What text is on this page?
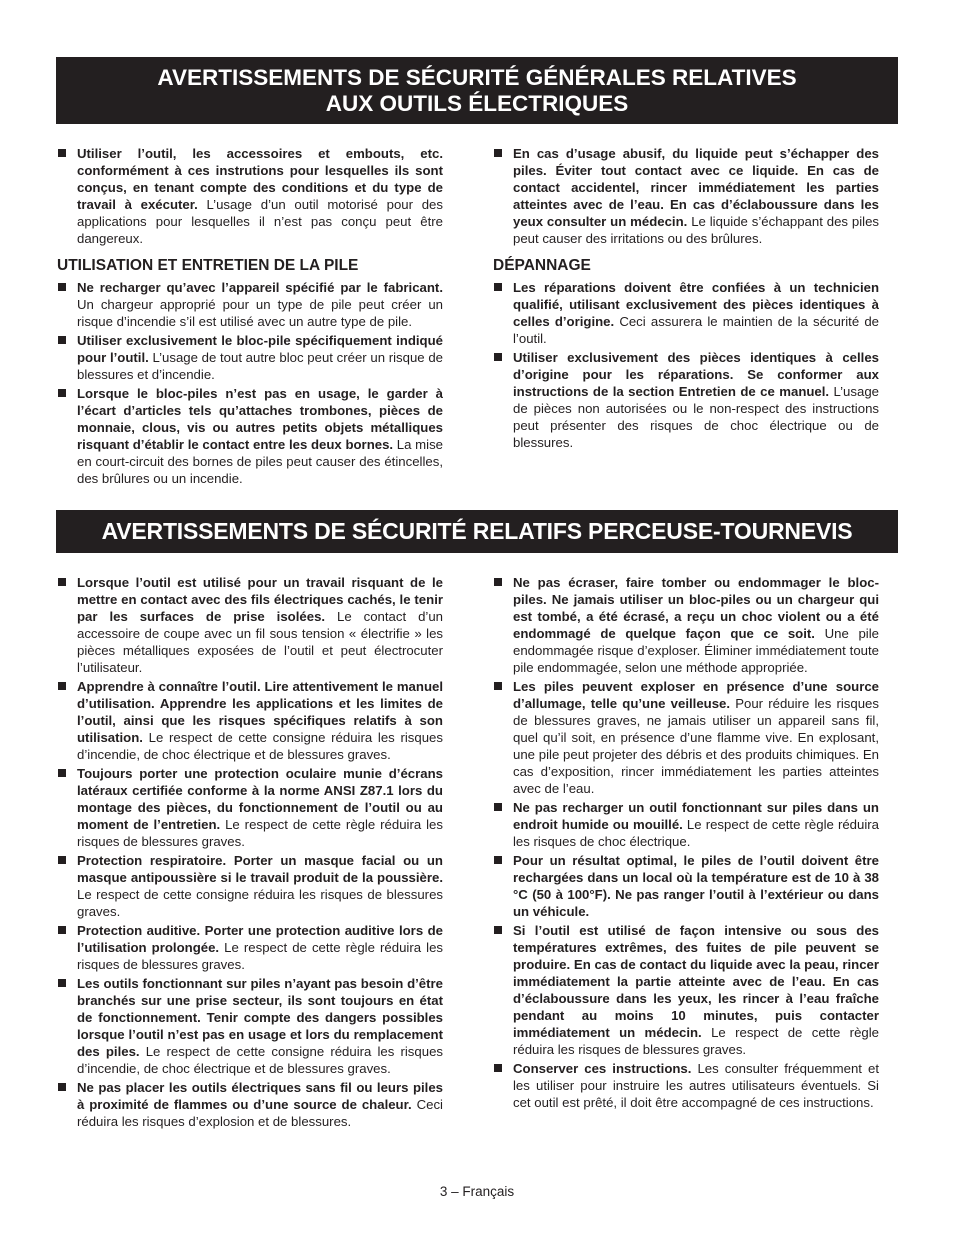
AVERTISSEMENTS DE SÉCURITÉ GÉNÉRALES RELATIVES
AUX OUTILS ÉLECTRIQUES
Utiliser l’outil, les accessoires et embouts, etc. conformément à ces instrutions pour lesquelles ils sont conçus, en tenant compte des conditions et du type de travail à exécuter. L’usage d’un outil motorisé pour des applications pour lesquelles il n’est pas conçu peut être dangereux.
UTILISATION ET ENTRETIEN DE LA PILE
Ne recharger qu’avec l’appareil spécifié par le fabricant. Un chargeur approprié pour un type de pile peut créer un risque d’incendie s’il est utilisé avec un autre type de pile.
Utiliser exclusivement le bloc-pile spécifiquement indiqué pour l’outil. L’usage de tout autre bloc peut créer un risque de blessures et d’incendie.
Lorsque le bloc-piles n’est pas en usage, le garder à l’écart d’articles tels qu’attaches trombones, pièces de monnaie, clous, vis ou autres petits objets métalliques risquant d’établir le contact entre les deux bornes. La mise en court-circuit des bornes de piles peut causer des étincelles, des brûlures ou un incendie.
En cas d’usage abusif, du liquide peut s’échapper des piles. Éviter tout contact avec ce liquide. En cas de contact accidentel, rincer immédiatement les parties atteintes avec de l’eau. En cas d’éclaboussure dans les yeux consulter un médecin. Le liquide s’échappant des piles peut causer des irritations ou des brûlures.
DÉPANNAGE
Les réparations doivent être confiées à un technicien qualifié, utilisant exclusivement des pièces identiques à celles d’origine. Ceci assurera le maintien de la sécurité de l’outil.
Utiliser exclusivement des pièces identiques à celles d’origine pour les réparations. Se conformer aux instructions de la section Entretien de ce manuel. L’usage de pièces non autorisées ou le non-respect des instructions peut présenter des risques de choc électrique ou de blessures.
AVERTISSEMENTS DE SÉCURITÉ RELATIFS PERCEUSE-TOURNEVIS
Lorsque l’outil est utilisé pour un travail risquant de le mettre en contact avec des fils électriques cachés, le tenir par les surfaces de prise isolées. Le contact d’un accessoire de coupe avec un fil sous tension « électrifie » les pièces métalliques exposées de l’outil et peut électrocuter l’utilisateur.
Apprendre à connaître l’outil. Lire attentivement le manuel d’utilisation. Apprendre les applications et les limites de l’outil, ainsi que les risques spécifiques relatifs à son utilisation. Le respect de cette consigne réduira les risques d’incendie, de choc électrique et de blessures graves.
Toujours porter une protection oculaire munie d’écrans latéraux certifiée conforme à la norme ANSI Z87.1 lors du montage des pièces, du fonctionnement de l’outil ou au moment de l’entretien. Le respect de cette règle réduira les risques de blessures graves.
Protection respiratoire. Porter un masque facial ou un masque antipoussière si le travail produit de la poussière. Le respect de cette consigne réduira les risques de blessures graves.
Protection auditive. Porter une protection auditive lors de l’utilisation prolongée. Le respect de cette règle réduira les risques de blessures graves.
Les outils fonctionnant sur piles n’ayant pas besoin d’être branchés sur une prise secteur, ils sont toujours en état de fonctionnement. Tenir compte des dangers possibles lorsque l’outil n’est pas en usage et lors du remplacement des piles. Le respect de cette consigne réduira les risques d’incendie, de choc électrique et de blessures graves.
Ne pas placer les outils électriques sans fil ou leurs piles à proximité de flammes ou d’une source de chaleur. Ceci réduira les risques d’explosion et de blessures.
Ne pas écraser, faire tomber ou endommager le bloc-piles. Ne jamais utiliser un bloc-piles ou un chargeur qui est tombé, a été écrasé, a reçu un choc violent ou a été endommagé de quelque façon que ce soit. Une pile endommagée risque d’exploser. Éliminer immédiatement toute pile endommagée, selon une méthode appropriée.
Les piles peuvent exploser en présence d’une source d’allumage, telle qu’une veilleuse. Pour réduire les risques de blessures graves, ne jamais utiliser un appareil sans fil, quel qu’il soit, en présence d’une flamme vive. En explosant, une pile peut projeter des débris et des produits chimiques. En cas d’exposition, rincer immédiatement les parties atteintes avec de l’eau.
Ne pas recharger un outil fonctionnant sur piles dans un endroit humide ou mouillé. Le respect de cette règle réduira les risques de choc électrique.
Pour un résultat optimal, le piles de l’outil doivent être rechargées dans un local où la température est de 10 à 38 °C (50 à 100°F). Ne pas ranger l’outil à l’extérieur ou dans un véhicule.
Si l’outil est utilisé de façon intensive ou sous des températures extrêmes, des fuites de pile peuvent se produire. En cas de contact du liquide avec la peau, rincer immédiatement la partie atteinte avec de l’eau. En cas d’éclaboussure dans les yeux, les rincer à l’eau fraîche pendant au moins 10 minutes, puis contacter immédiatement un médecin. Le respect de cette règle réduira les risques de blessures graves.
Conserver ces instructions. Les consulter fréquemment et les utiliser pour instruire les autres utilisateurs éventuels. Si cet outil est prêté, il doit être accompagné de ces instructions.
3 – Français
